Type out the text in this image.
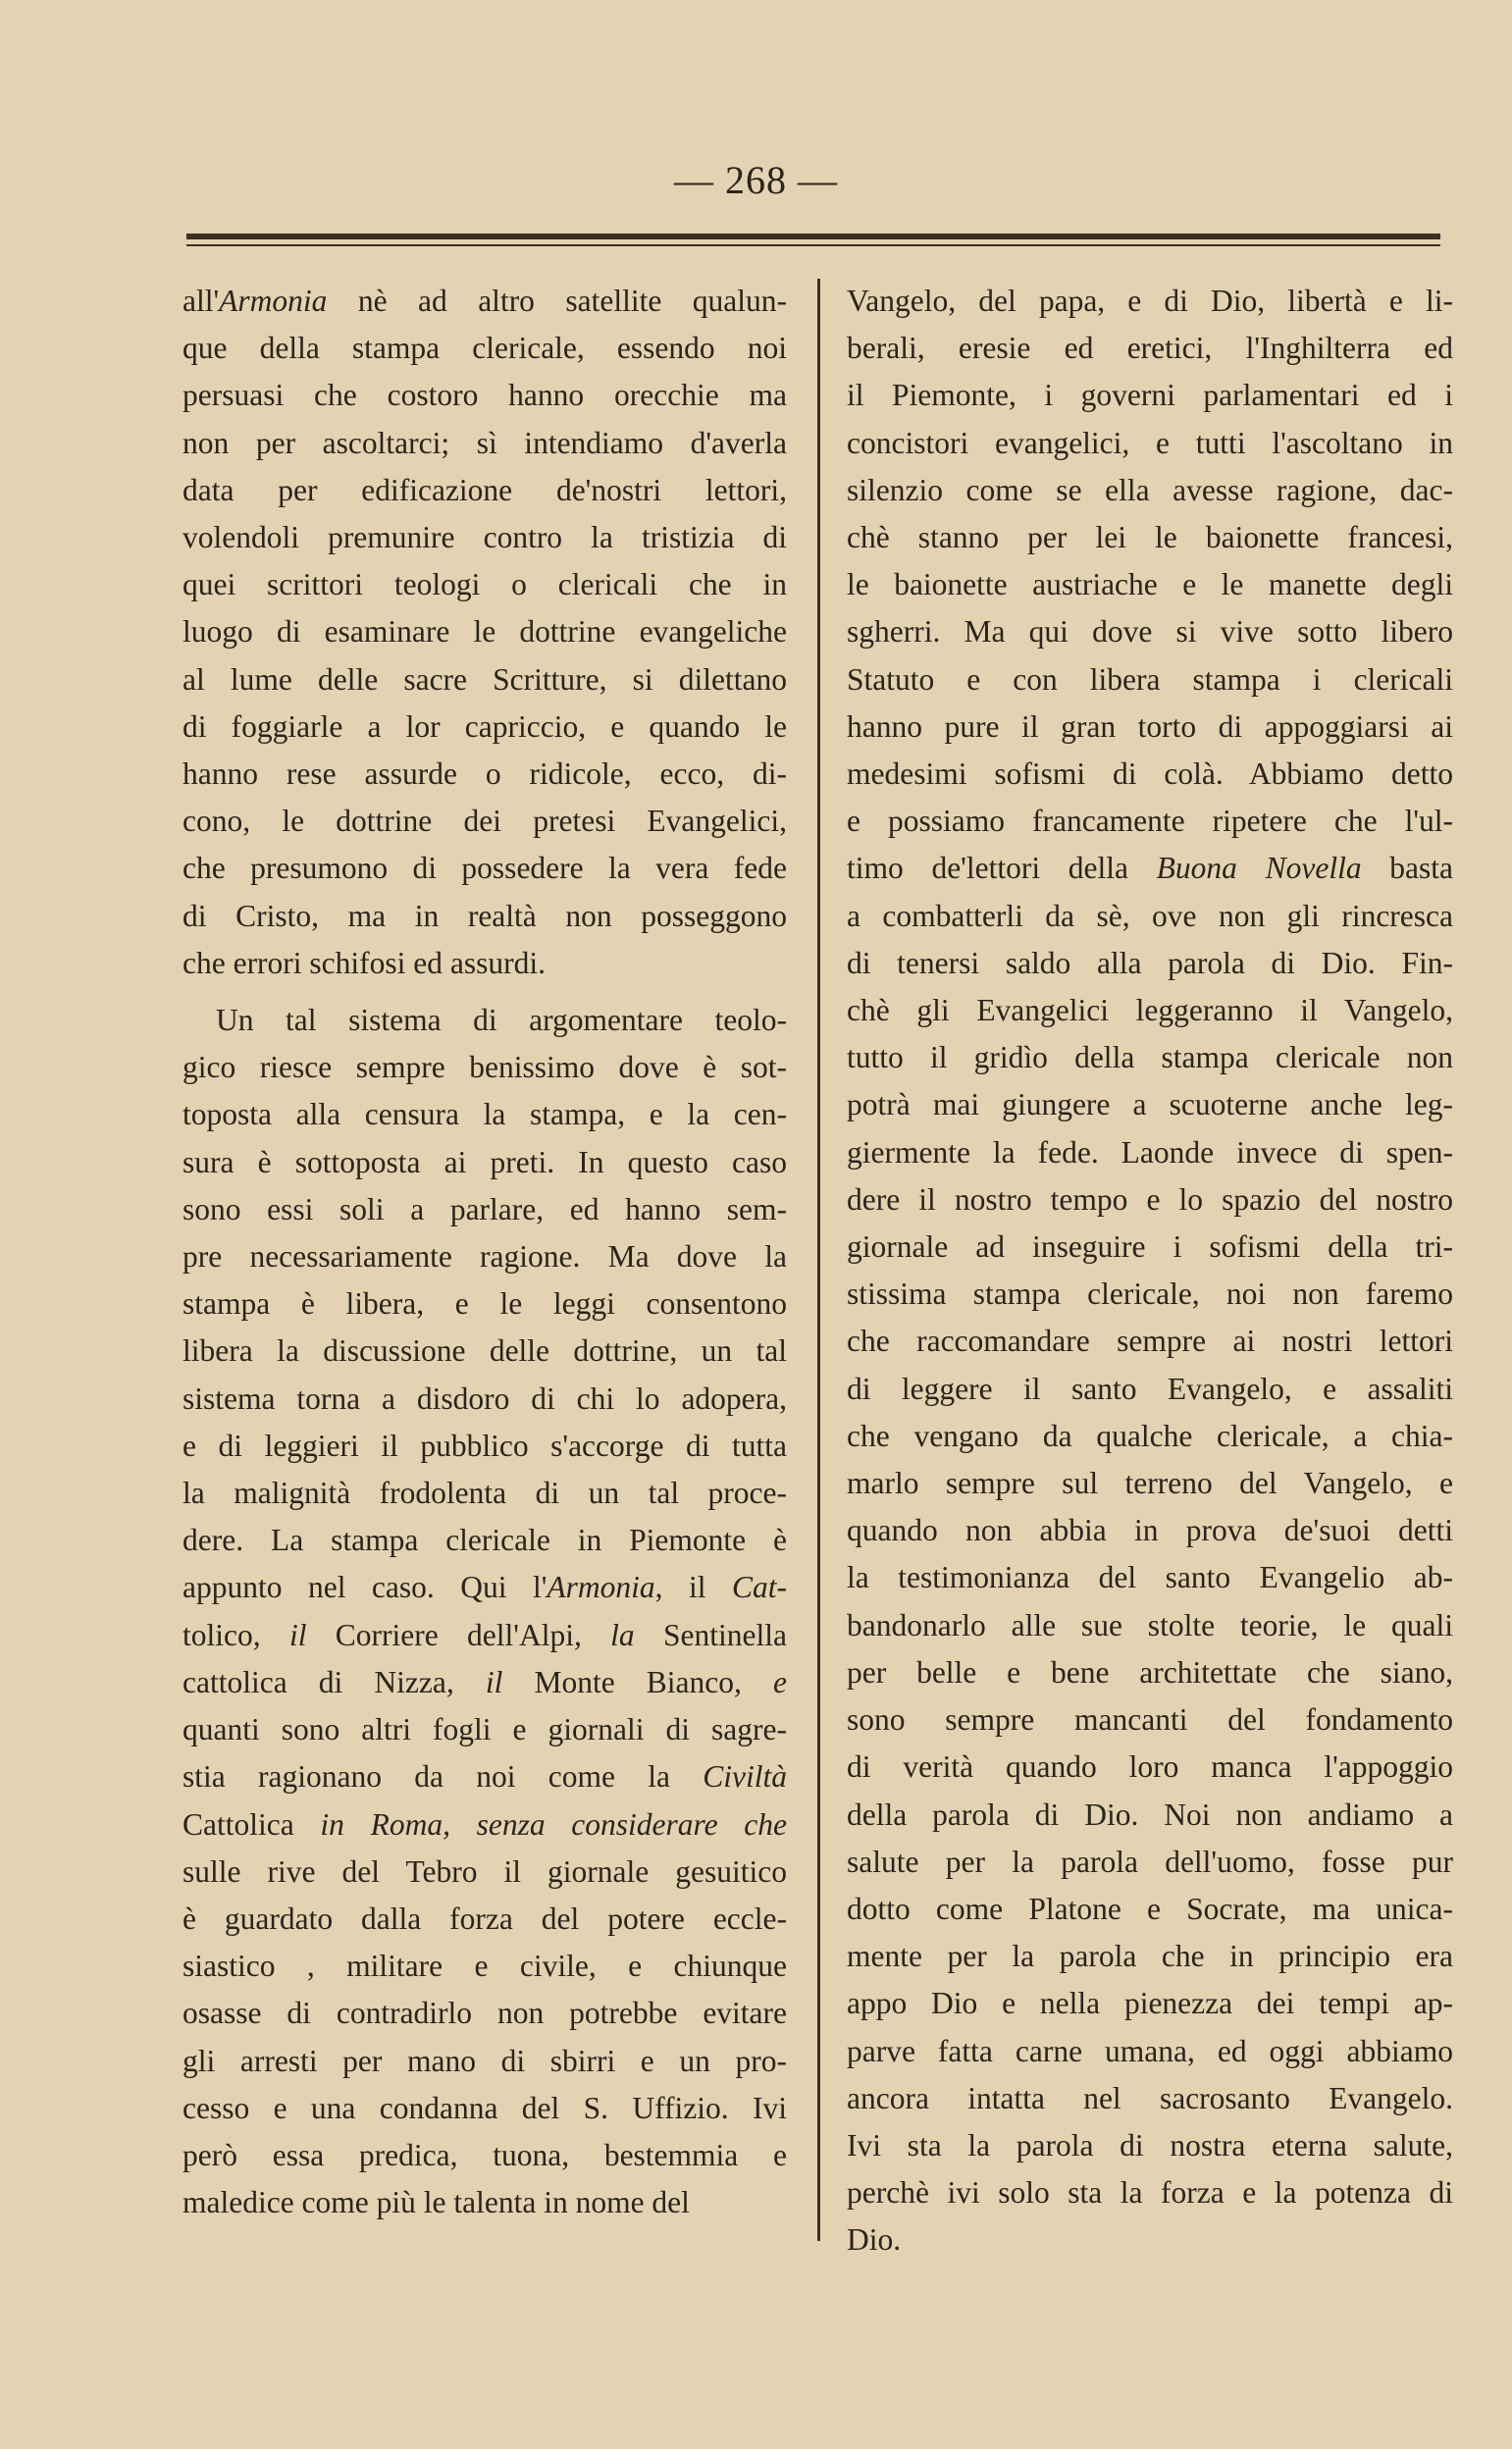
— 268 —
all'Armonia nè ad altro satellite qualun-
que della stampa clericale, essendo noi
persuasi che costoro hanno orecchie ma
non per ascoltarci; sì intendiamo d'averla
data per edificazione de'nostri lettori,
volendoli premunire contro la tristizia di
quei scrittori teologi o clericali che in
luogo di esaminare le dottrine evangeliche
al lume delle sacre Scritture, si dilettano
di foggiarle a lor capriccio, e quando le
hanno rese assurde o ridicole, ecco, di-
cono, le dottrine dei pretesi Evangelici,
che presumono di possedere la vera fede
di Cristo, ma in realtà non posseggono
che errori schifosi ed assurdi.
Un tal sistema di argomentare teolo-
gico riesce sempre benissimo dove è sot-
toposta alla censura la stampa, e la cen-
sura è sottoposta ai preti. In questo caso
sono essi soli a parlare, ed hanno sem-
pre necessariamente ragione. Ma dove la
stampa è libera, e le leggi consentono
libera la discussione delle dottrine, un tal
sistema torna a disdoro di chi lo adopera,
e di leggieri il pubblico s'accorge di tutta
la malignità frodolenta di un tal proce-
dere. La stampa clericale in Piemonte è
appunto nel caso. Qui l'Armonia, il Cat-
tolico, il Corriere dell'Alpi, la Sentinella
cattolica di Nizza, il Monte Bianco, e
quanti sono altri fogli e giornali di sagre-
stia ragionano da noi come la Civiltà
Cattolica in Roma, senza considerare che
sulle rive del Tebro il giornale gesuitico
è guardato dalla forza del potere eccle-
siastico , militare e civile, e chiunque
osasse di contradirlo non potrebbe evitare
gli arresti per mano di sbirri e un pro-
cesso e una condanna del S. Uffizio. Ivi
però essa predica, tuona, bestemmia e
maledice come più le talenta in nome del
Vangelo, del papa, e di Dio, libertà e li-
berali, eresie ed eretici, l'Inghilterra ed
il Piemonte, i governi parlamentari ed i
concistori evangelici, e tutti l'ascoltano in
silenzio come se ella avesse ragione, dac-
chè stanno per lei le baionette francesi,
le baionette austriache e le manette degli
sgherri. Ma qui dove si vive sotto libero
Statuto e con libera stampa i clericali
hanno pure il gran torto di appoggiarsi ai
medesimi sofismi di colà. Abbiamo detto
e possiamo francamente ripetere che l'ul-
timo de'lettori della Buona Novella basta
a combatterli da sè, ove non gli rincresca
di tenersi saldo alla parola di Dio. Fin-
chè gli Evangelici leggeranno il Vangelo,
tutto il gridìo della stampa clericale non
potrà mai giungere a scuoterne anche leg-
giermente la fede. Laonde invece di spen-
dere il nostro tempo e lo spazio del nostro
giornale ad inseguire i sofismi della tri-
stissima stampa clericale, noi non faremo
che raccomandare sempre ai nostri lettori
di leggere il santo Evangelo, e assaliti
che vengano da qualche clericale, a chia-
marlo sempre sul terreno del Vangelo, e
quando non abbia in prova de'suoi detti
la testimonianza del santo Evangelio ab-
bandonarlo alle sue stolte teorie, le quali
per belle e bene architettate che siano,
sono sempre mancanti del fondamento
di verità quando loro manca l'appoggio
della parola di Dio. Noi non andiamo a
salute per la parola dell'uomo, fosse pur
dotto come Platone e Socrate, ma unica-
mente per la parola che in principio era
appo Dio e nella pienezza dei tempi ap-
parve fatta carne umana, ed oggi abbiamo
ancora intatta nel sacrosanto Evangelo.
Ivi sta la parola di nostra eterna salute,
perchè ivi solo sta la forza e la potenza di
Dio.
